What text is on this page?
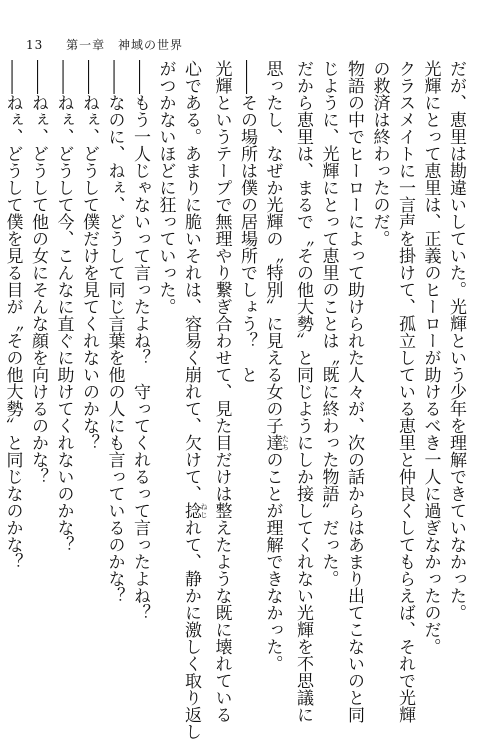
13 第一章 神域の世界
だが、恵里は勘違いしていた。光輝という少年を理解できていなかった。
光輝にとって恵里は、正義のヒーローが助けるべき一人に過ぎなかったのだ。
クラスメイトに一言声を掛けて、孤立している恵里と仲良くしてもらえば、それで光輝
の救済は終わったのだ。
物語の中でヒーローによって助けられた人々が、次の話からはあまり出てこないのと同
じように、光輝にとって恵里のことは〝既に終わった物語〟だった。
だから恵里は、まるで〝その他大勢〟と同じようにしか接してくれない光輝を不思議に
思ったし、なぜか光輝の〝特別〟に見える女の子達 たちのことが理解できなかった。
――その場所は僕の居場所でしょう？　と
光輝というテープで無理やり繋ぎ合わせて、見た目だけは整えたような既に壊れている
心である。あまりに脆いそれは、容易く崩れて、欠けて、捻 ねじれて、静かに激しく取り返し
がつかないほどに狂っていった。
――もう一人じゃないって言ったよね？　守ってくれるって言ったよね？
――なのに、ねぇ、どうして同じ言葉を他の人にも言っているのかな？
――ねぇ、どうして僕だけを見てくれないのかな？
――ねぇ、どうして今、こんなに直ぐに助けてくれないのかな？
――ねぇ、どうして他の女にそんな顔を向けるのかな？
――ねぇ、どうして僕を見る目が〝その他大勢〟と同じなのかな？
